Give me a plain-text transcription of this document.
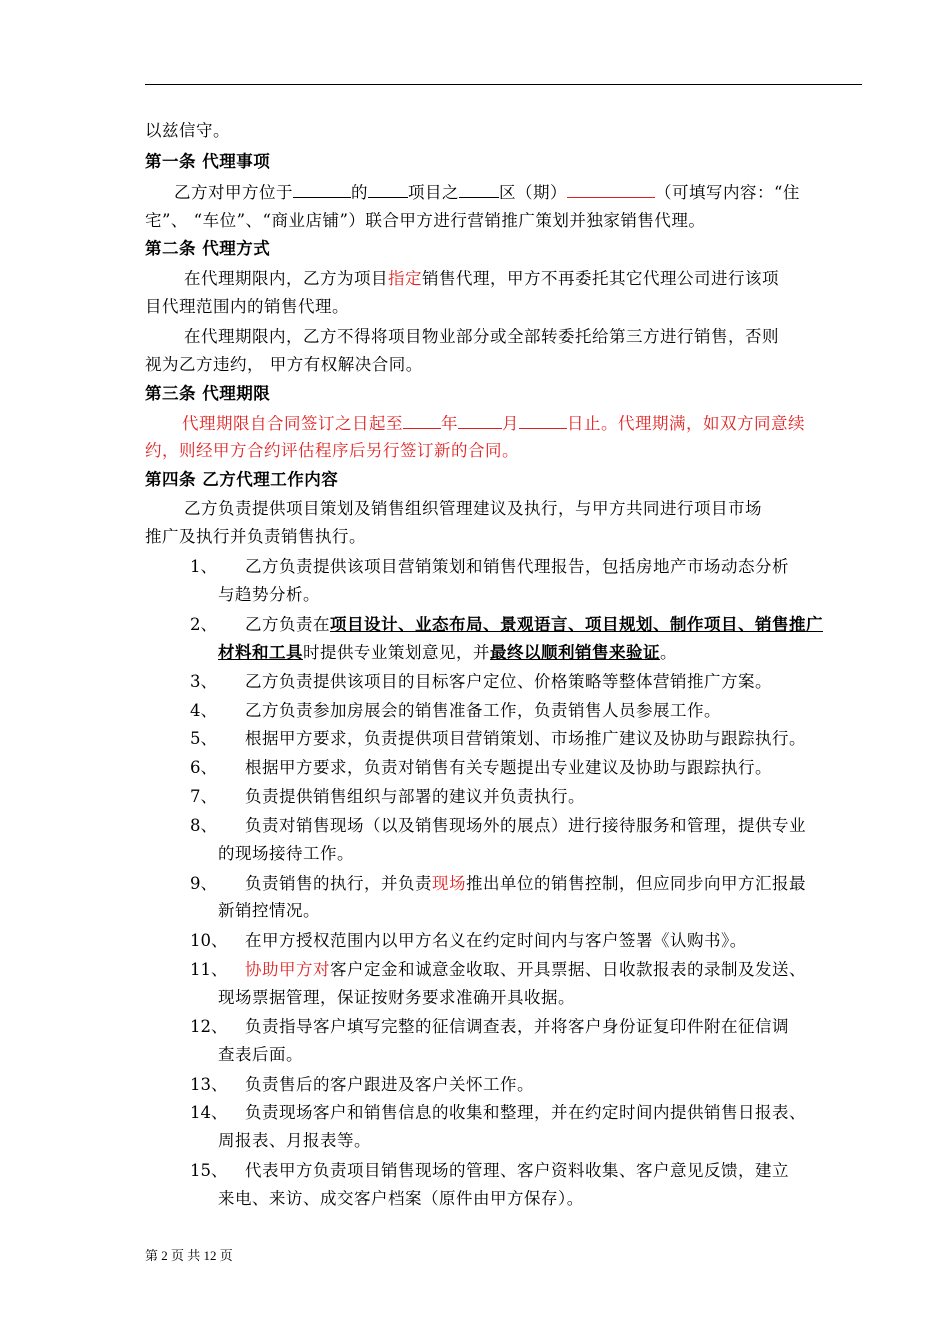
以兹信守。
第一条 代理事项
乙方对甲方位于	的 项目之 区（期）	（可填写内容：“住
宅”、 “车位”、“商业店铺”）联合甲方进行营销推广策划并独家销售代理。
第二条 代理方式
在代理期限内，乙方为项目指定销售代理，甲方不再委托其它代理公司进行该项
目代理范围内的销售代理。
在代理期限内，乙方不得将项目物业部分或全部转委托给第三方进行销售，否则
视为乙方违约， 甲方有权解决合同。
第三条 代理期限
代理期限自合同签订之日起至 年	月	日止。代理期满，如双方同意续
约，则经甲方合约评估程序后另行签订新的合同。
第四条 乙方代理工作内容
乙方负责提供项目策划及销售组织管理建议及执行，与甲方共同进行项目市场
推广及执行并负责销售执行。
1、 乙方负责提供该项目营销策划和销售代理报告，包括房地产市场动态分析
与趋势分析。
2、 乙方负责在项目设计、业态布局、景观语言、项目规划、制作项目、销售推广
材料和工具时提供专业策划意见，并最终以顺利销售来验证。
3、 乙方负责提供该项目的目标客户定位、价格策略等整体营销推广方案。
4、 乙方负责参加房展会的销售准备工作，负责销售人员参展工作。
5、 根据甲方要求，负责提供项目营销策划、市场推广建议及协助与跟踪执行。
6、 根据甲方要求，负责对销售有关专题提出专业建议及协助与跟踪执行。
7、 负责提供销售组织与部署的建议并负责执行。
8、 负责对销售现场（以及销售现场外的展点）进行接待服务和管理，提供专业
的现场接待工作。
9、 负责销售的执行，并负责现场推出单位的销售控制，但应同步向甲方汇报最
新销控情况。
10、 在甲方授权范围内以甲方名义在约定时间内与客户签署《认购书》。
11、 协助甲方对客户定金和诚意金收取、开具票据、日收款报表的录制及发送、
现场票据管理，保证按财务要求准确开具收据。
12、 负责指导客户填写完整的征信调查表，并将客户身份证复印件附在征信调
查表后面。
13、 负责售后的客户跟进及客户关怀工作。
14、 负责现场客户和销售信息的收集和整理，并在约定时间内提供销售日报表、
周报表、月报表等。
15、 代表甲方负责项目销售现场的管理、客户资料收集、客户意见反馈，建立
来电、来访、成交客户档案（原件由甲方保存）。
第 2 页 共 12 页
